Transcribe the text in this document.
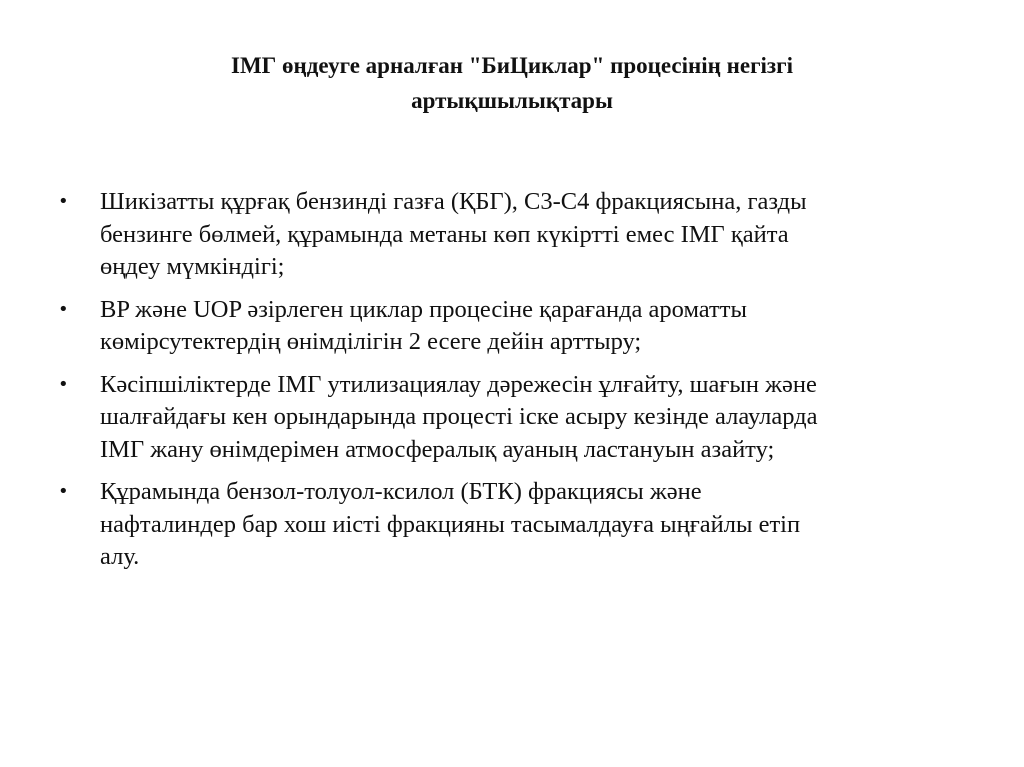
ІМГ өңдеуге арналған "БиЦиклар" процесінің негізгі
артықшылықтары
• Шикізатты құрғақ бензинді газға (ҚБГ), С3-С4 фракциясына, газды
бензинге бөлмей, құрамында метаны көп күкіртті емес ІМГ қайта
өңдеу мүмкіндігі;
• BP және UOP әзірлеген циклар процесіне қарағанда ароматты
көмірсутектердің өнімділігін 2 есеге дейін арттыру;
• Кәсіпшіліктерде ІМГ утилизациялау дәрежесін ұлғайту, шағын және
шалғайдағы кен орындарында процесті іске асыру кезінде алауларда
ІМГ жану өнімдерімен атмосфералық ауаның ластануын азайту;
• Құрамында бензол-толуол-ксилол (БТК) фракциясы және
нафталиндер бар хош иісті фракцияны тасымалдауға ыңғайлы етіп
алу.
